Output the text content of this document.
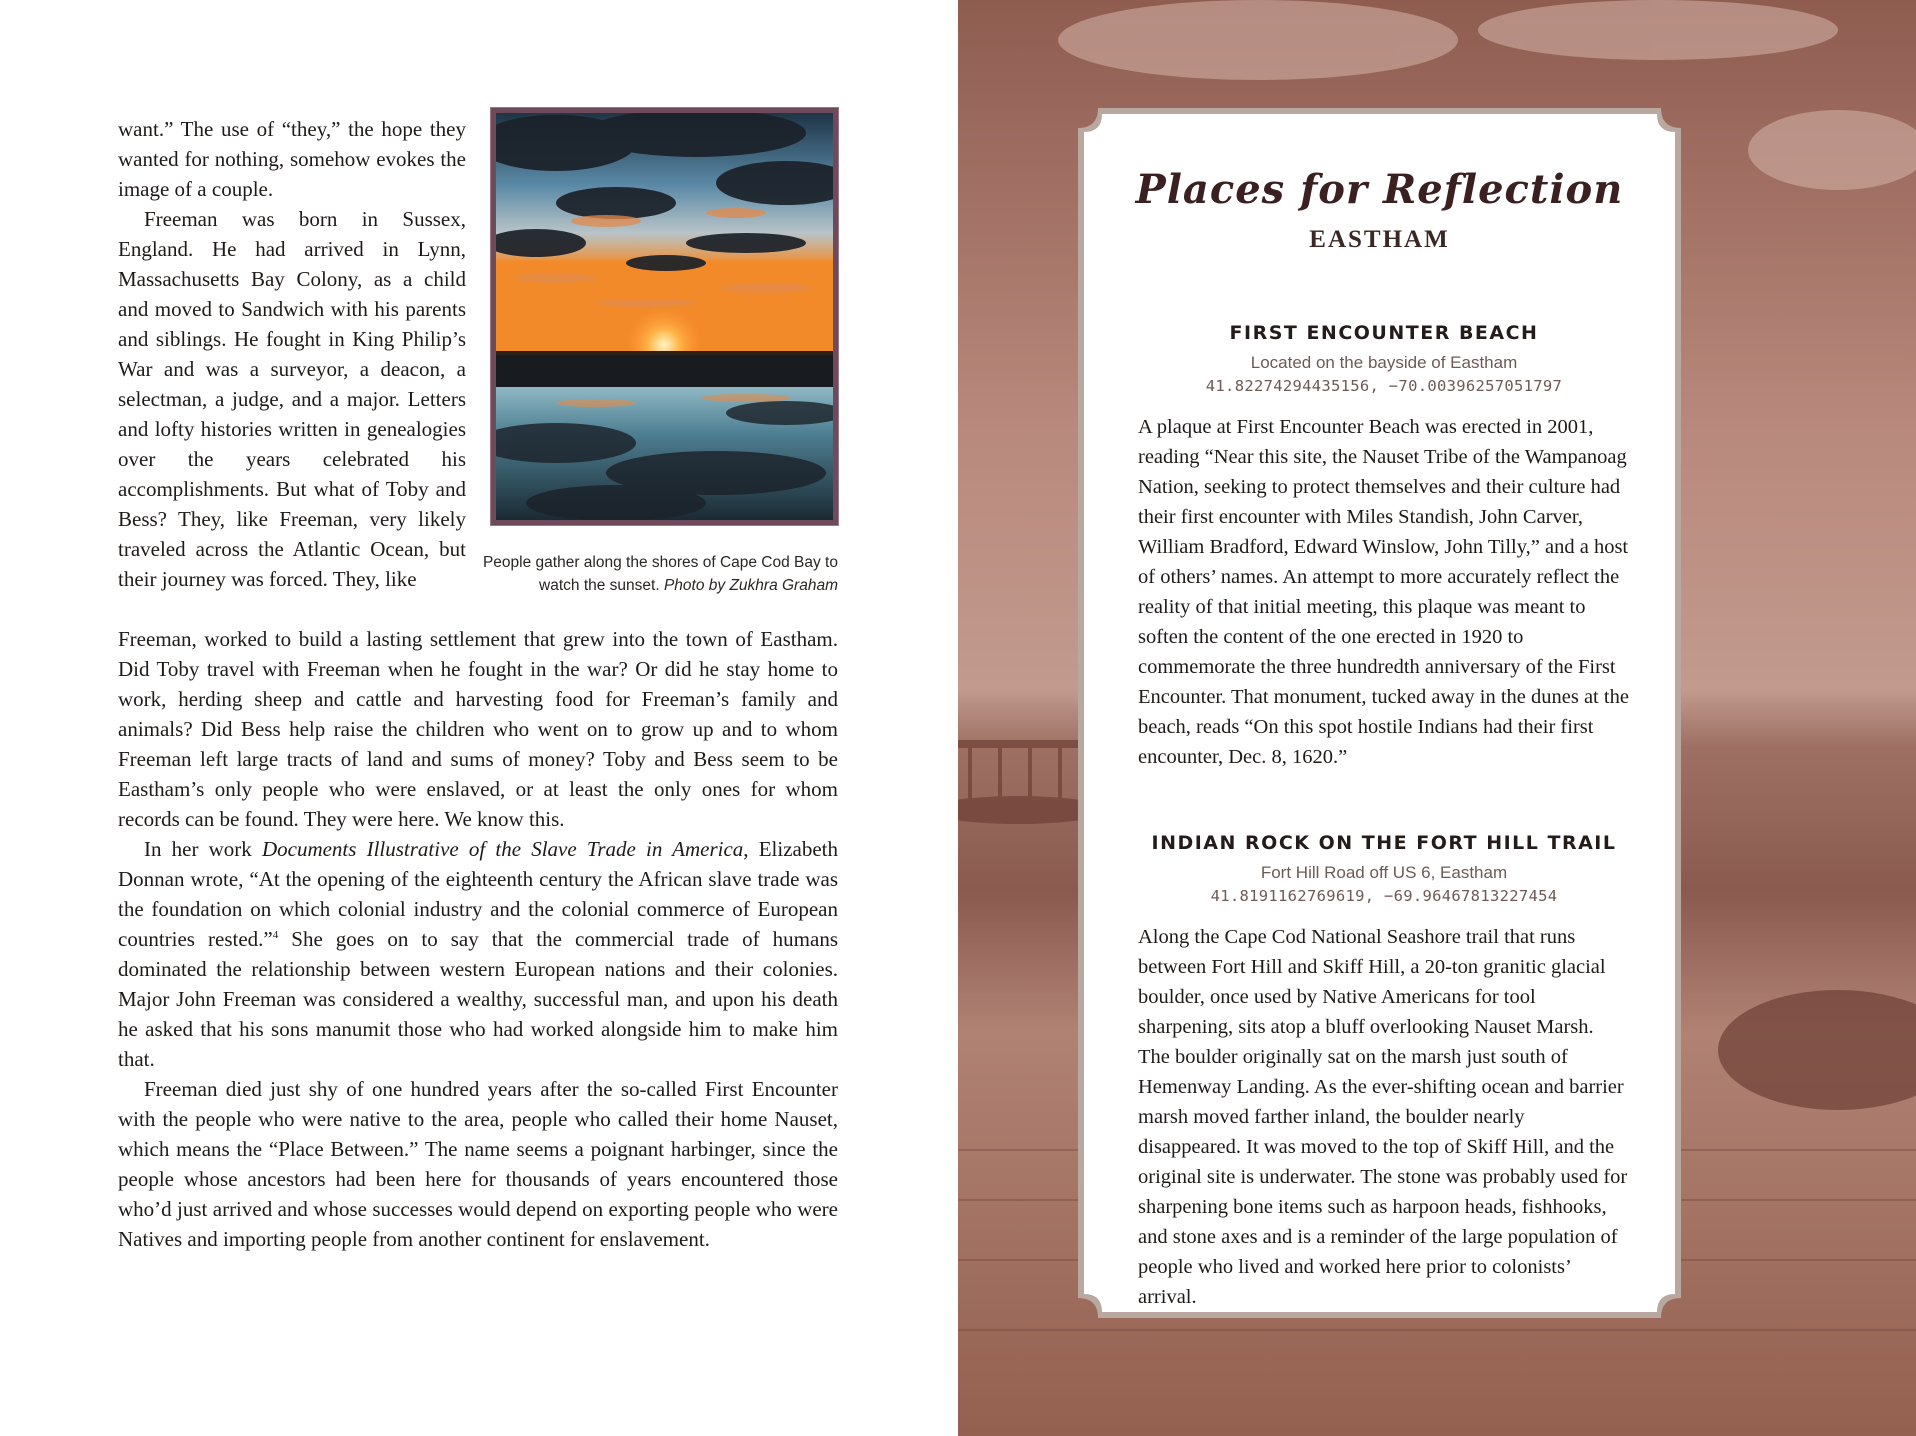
want.” The use of “they,” the hope they wanted for nothing, somehow evokes the image of a couple.

Freeman was born in Sussex, England. He had arrived in Lynn, Massachusetts Bay Colony, as a child and moved to Sandwich with his parents and siblings. He fought in King Philip’s War and was a surveyor, a deacon, a selectman, a judge, and a major. Letters and lofty histories written in genealogies over the years celebrated his accomplishments. But what of Toby and Bess? They, like Freeman, very likely traveled across the Atlantic Ocean, but their journey was forced. They, like

People gather along the shores of Cape Cod Bay to watch the sunset. Photo by Zukhra Graham

Freeman, worked to build a lasting settlement that grew into the town of Eastham. Did Toby travel with Freeman when he fought in the war? Or did he stay home to work, herding sheep and cattle and harvesting food for Freeman’s family and animals? Did Bess help raise the children who went on to grow up and to whom Freeman left large tracts of land and sums of money? Toby and Bess seem to be Eastham’s only people who were enslaved, or at least the only ones for whom records can be found. They were here. We know this.

In her work Documents Illustrative of the Slave Trade in America, Elizabeth Donnan wrote, “At the opening of the eighteenth century the African slave trade was the foundation on which colonial industry and the colonial commerce of European countries rested.”$^4$ She goes on to say that the commercial trade of humans dominated the relationship between western European nations and their colonies. Major John Freeman was considered a wealthy, successful man, and upon his death he asked that his sons manumit those who had worked alongside him to make him that.

Freeman died just shy of one hundred years after the so-called First Encounter with the people who were native to the area, people who called their home Nauset, which means the “Place Between.” The name seems a poignant harbinger, since the people whose ancestors had been here for thousands of years encountered those who’d just arrived and whose successes would depend on exporting people who were Natives and importing people from another continent for enslavement.

Places for Reflection
EASTHAM
FIRST ENCOUNTER BEACH

Located on the bayside of Eastham

41.82274294435156, −70.00396257051797

A plaque at First Encounter Beach was erected in 2001, reading “Near this site, the Nauset Tribe of the Wampanoag Nation, seeking to protect themselves and their culture had their first encounter with Miles Standish, John Carver, William Bradford, Edward Winslow, John Tilly,” and a host of others’ names. An attempt to more accurately reflect the reality of that initial meeting, this plaque was meant to soften the content of the one erected in 1920 to commemorate the three hundredth anniversary of the First Encounter. That monument, tucked away in the dunes at the beach, reads “On this spot hostile Indians had their first encounter, Dec. 8, 1620.”

INDIAN ROCK ON THE FORT HILL TRAIL

Fort Hill Road off US 6, Eastham

41.8191162769619, −69.96467813227454

Along the Cape Cod National Seashore trail that runs between Fort Hill and Skiff Hill, a 20-ton granitic glacial boulder, once used by Native Americans for tool sharpening, sits atop a bluff overlooking Nauset Marsh. The boulder originally sat on the marsh just south of Hemenway Landing. As the ever-shifting ocean and barrier marsh moved farther inland, the boulder nearly disappeared. It was moved to the top of Skiff Hill, and the original site is underwater. The stone was probably used for sharpening bone items such as harpoon heads, fishhooks, and stone axes and is a reminder of the large population of people who lived and worked here prior to colonists’ arrival.
